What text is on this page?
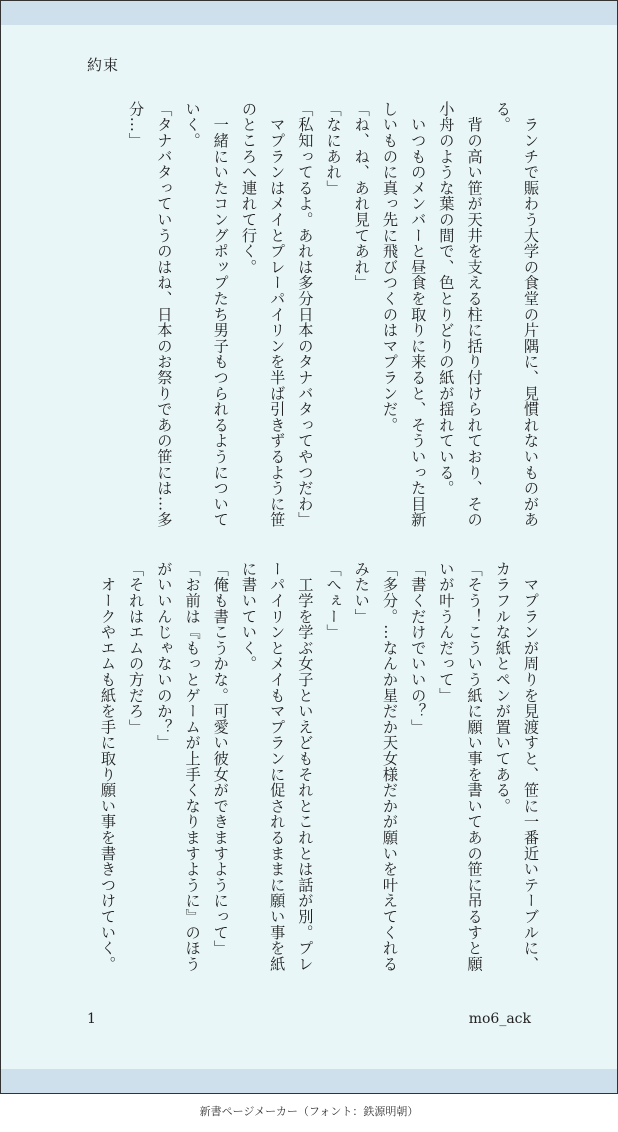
約束

　ランチで賑わう大学の食堂の片隅に、見慣れないものがある。

　背の高い笹が天井を支える柱に括り付けられており、その小舟のような葉の間で、色とりどりの紙が揺れている。

　いつものメンバーと昼食を取りに来ると、そういった目新しいものに真っ先に飛びつくのはマプランだ。

「ね、ね、あれ見てあれ」

「なにあれ」

「私知ってるよ。あれは多分日本のタナバタってやつだわ」

　マプランはメイとプレーパイリンを半ば引きずるように笹のところへ連れて行く。

　一緒にいたコングポップたち男子もつられるようについていく。

「タナバタっていうのはね、日本のお祭りであの笹には…多分…」

　マプランが周りを見渡すと、笹に一番近いテーブルに、カラフルな紙とペンが置いてある。

「そう！こういう紙に願い事を書いてあの笹に吊るすと願いが叶うんだって」

「書くだけでいいの？」

「多分。…なんか星だか天女様だかが願いを叶えてくれるみたい」

「へぇー」

　工学を学ぶ女子といえどもそれとこれとは話が別。プレーパイリンとメイもマプランに促されるままに願い事を紙に書いていく。

「俺も書こうかな。可愛い彼女ができますようにって」

「お前は『もっとゲームが上手くなりますように』のほうがいいんじゃないのか？」

「それはエムの方だろ」

　オークやエムも紙を手に取り願い事を書きつけていく。

1	mo6_ack
新書ページメーカー（フォント：鉄源明朝）
